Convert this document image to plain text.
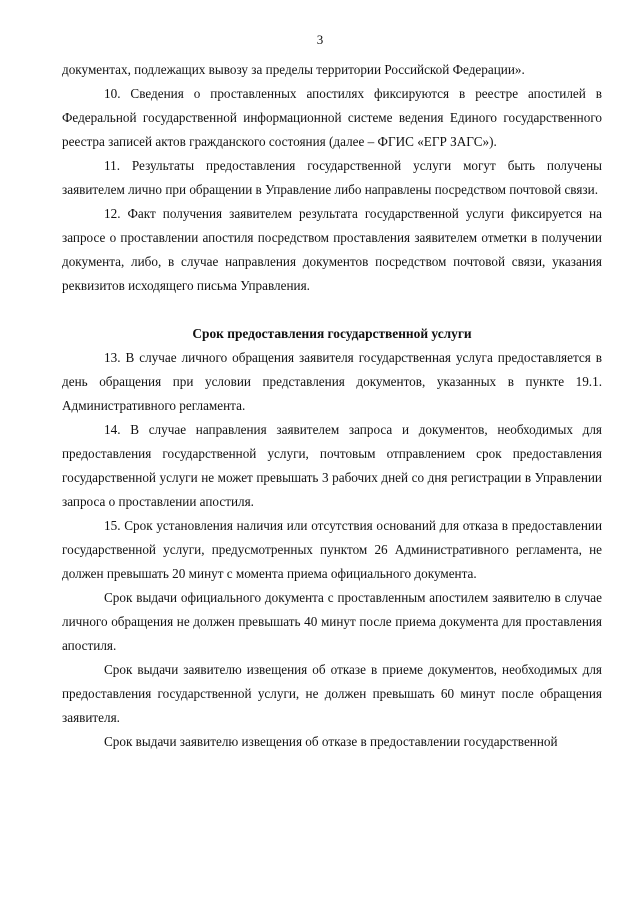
3

документах, подлежащих вывозу за пределы территории Российской Федерации».

10. Сведения о проставленных апостилях фиксируются в реестре апостилей в Федеральной государственной информационной системе ведения Единого государственного реестра записей актов гражданского состояния (далее – ФГИС «ЕГР ЗАГС»).

11. Результаты предоставления государственной услуги могут быть получены заявителем лично при обращении в Управление либо направлены посредством почтовой связи.

12. Факт получения заявителем результата государственной услуги фиксируется на запросе о проставлении апостиля посредством проставления заявителем отметки в получении документа, либо, в случае направления документов посредством почтовой связи, указания реквизитов исходящего письма Управления.

Срок предоставления государственной услуги

13. В случае личного обращения заявителя государственная услуга предоставляется в день обращения при условии представления документов, указанных в пункте 19.1. Административного регламента.

14. В случае направления заявителем запроса и документов, необходимых для предоставления государственной услуги, почтовым отправлением срок предоставления государственной услуги не может превышать 3 рабочих дней со дня регистрации в Управлении запроса о проставлении апостиля.

15. Срок установления наличия или отсутствия оснований для отказа в предоставлении государственной услуги, предусмотренных пунктом 26 Административного регламента, не должен превышать 20 минут с момента приема официального документа.

Срок выдачи официального документа с проставленным апостилем заявителю в случае личного обращения не должен превышать 40 минут после приема документа для проставления апостиля.

Срок выдачи заявителю извещения об отказе в приеме документов, необходимых для предоставления государственной услуги, не должен превышать 60 минут после обращения заявителя.

Срок выдачи заявителю извещения об отказе в предоставлении государственной
